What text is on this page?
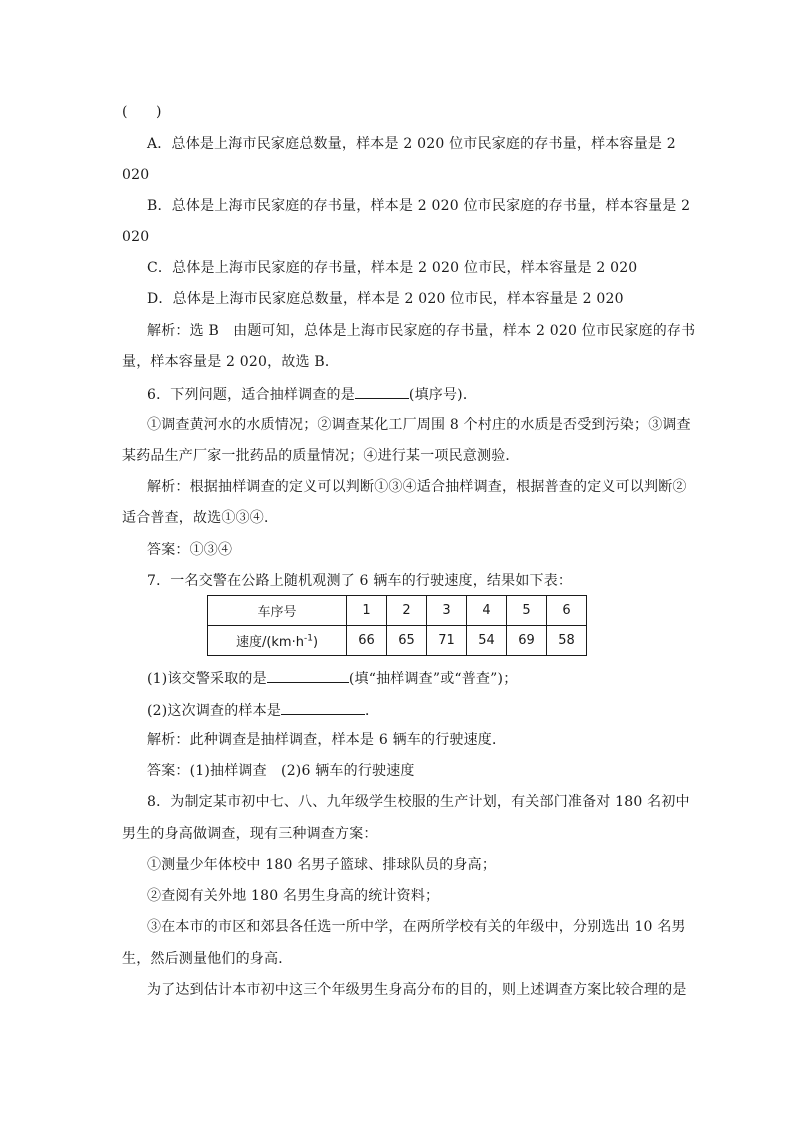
(　　)
A．总体是上海市民家庭总数量，样本是 2 020 位市民家庭的存书量，样本容量是 2
020
B．总体是上海市民家庭的存书量，样本是 2 020 位市民家庭的存书量，样本容量是 2
020
C．总体是上海市民家庭的存书量，样本是 2 020 位市民，样本容量是 2 020
D．总体是上海市民家庭总数量，样本是 2 020 位市民，样本容量是 2 020
解析：选 B　由题可知，总体是上海市民家庭的存书量，样本 2 020 位市民家庭的存书
量，样本容量是 2 020，故选 B．
6．下列问题，适合抽样调查的是	(填序号)．
①调查黄河水的水质情况；②调查某化工厂周围 8 个村庄的水质是否受到污染；③调查
某药品生产厂家一批药品的质量情况；④进行某一项民意测验．
解析：根据抽样调查的定义可以判断①③④适合抽样调查，根据普查的定义可以判断②
适合普查，故选①③④．
答案：①③④
7．一名交警在公路上随机观测了 6 辆车的行驶速度，结果如下表：
车序号	1	2	3	4	5	6
速度$/(km\cdot h^{-1})$	66	65	71	54	69	58
(1)该交警采取的是	(填“抽样调查”或“普查”)；
(2)这次调查的样本是	．
解析：此种调查是抽样调查，样本是 6 辆车的行驶速度．
答案：(1)抽样调查　(2)6 辆车的行驶速度
8．为制定某市初中七、八、九年级学生校服的生产计划，有关部门准备对 180 名初中
男生的身高做调查，现有三种调查方案：
①测量少年体校中 180 名男子篮球、排球队员的身高；
②查阅有关外地 180 名男生身高的统计资料；
③在本市的市区和郊县各任选一所中学，在两所学校有关的年级中，分别选出 10 名男
生，然后测量他们的身高．
为了达到估计本市初中这三个年级男生身高分布的目的，则上述调查方案比较合理的是
